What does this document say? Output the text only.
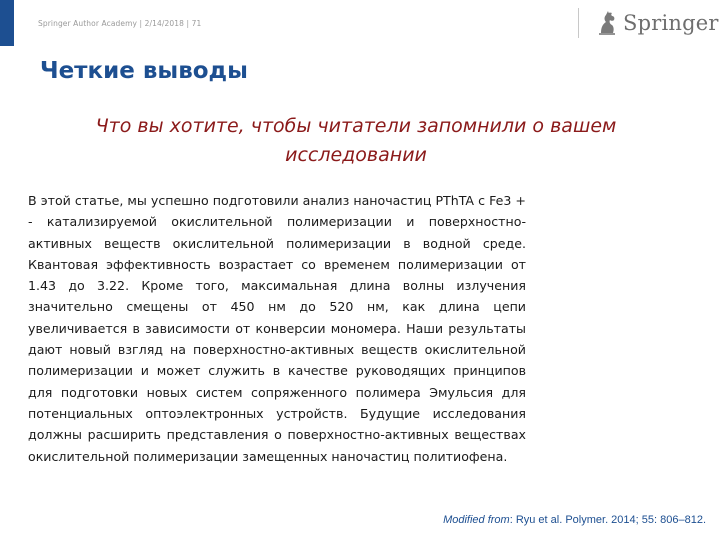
Springer Author Academy | 2/14/2018 | 71	Springer
Четкие выводы
Что вы хотите, чтобы читатели запомнили о вашем исследовании
В этой статье, мы успешно подготовили анализ наночастиц PThTA с Fe3 + - катализируемой окислительной полимеризации и поверхностно-активных веществ окислительной полимеризации в водной среде. Квантовая эффективность возрастает со временем полимеризации от 1.43 до 3.22. Кроме того, максимальная длина волны излучения значительно смещены от 450 нм до 520 нм, как длина цепи увеличивается в зависимости от конверсии мономера. Наши результаты дают новый взгляд на поверхностно-активных веществ окислительной полимеризации и может служить в качестве руководящих принципов для подготовки новых систем сопряженного полимера Эмульсия для потенциальных оптоэлектронных устройств. Будущие исследования должны расширить представления о поверхностно-активных веществах окислительной полимеризации замещенных наночастиц политиофена.
Modified from: Ryu et al. Polymer. 2014; 55: 806–812.
